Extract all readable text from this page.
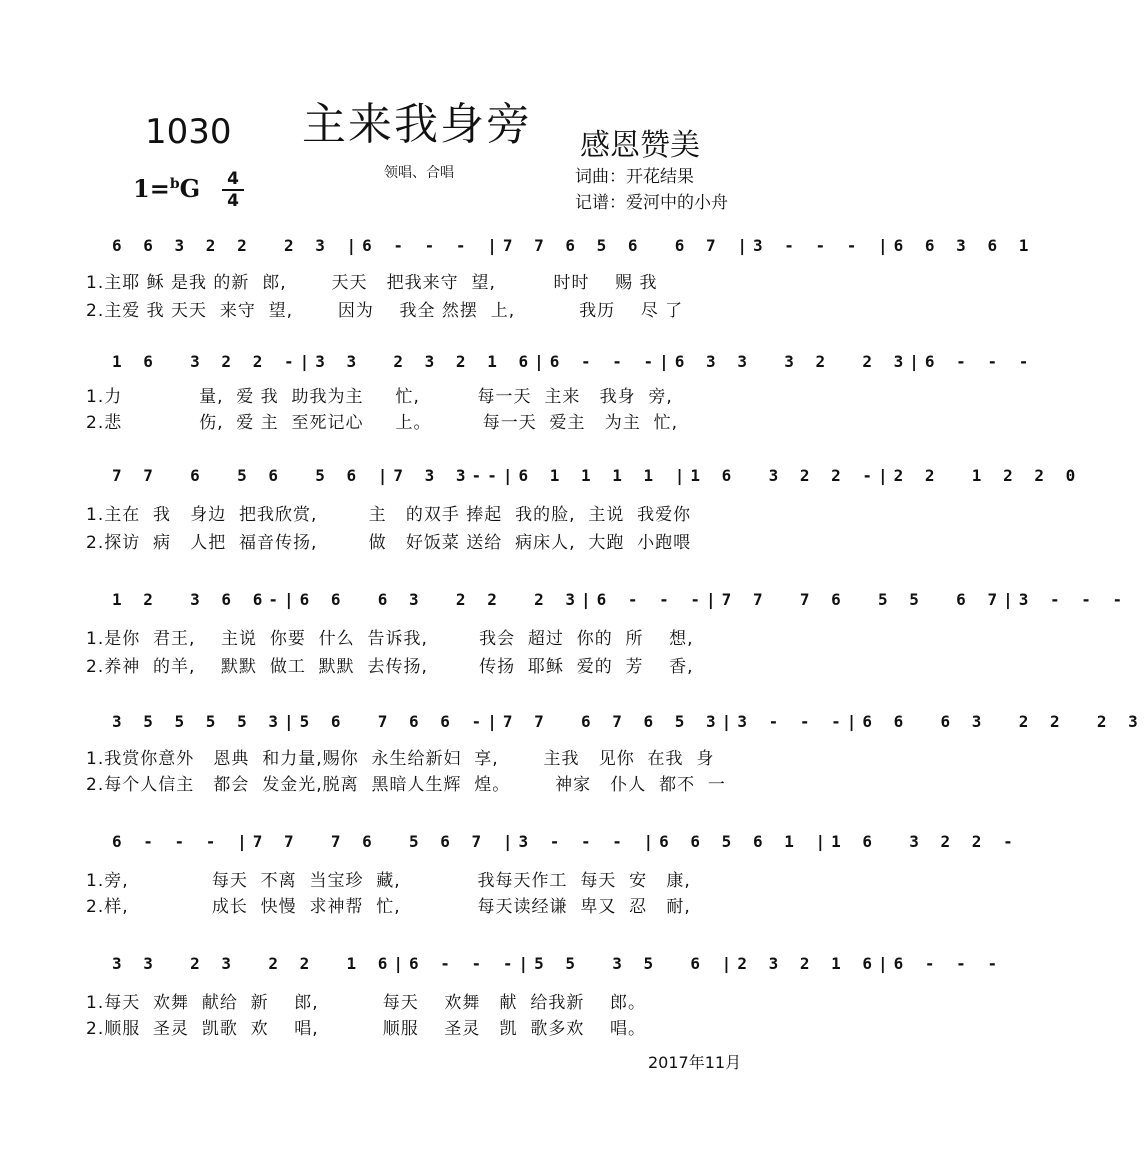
1030 主来我身旁 感恩赞美
1=$^b$G 4
4
领唱、合唱	词曲：开花结果
记谱：爱河中的小舟
6 6 3 2 2  2 3 |6 - - - |7 7 6 5 6  6 7 |3 - - - |6 6 3 6 1
1.主耶 稣 是我 的新  郎,       天天   把我来守  望,         时时    赐 我
2.主爱 我 天天  来守  望,       因为    我全 然摆  上,          我历    尽 了
1 6  3 2 2 -|3 3  2 3 2 1 6|6 - - -|6 3 3  3 2  2 3|6 - - -
1.力            量,  爱 我  助我为主     忙,         每一天  主来   我身  旁,
2.悲            伤,  爱 主  至死记心     上。        每一天  爱主   为主  忙,
7 7  6  5 6  5 6 |7 3 3--|6 1 1 1 1 |1 6  3 2 2 -|2 2  1 2 2 0
1.主在  我   身边  把我欣赏,        主   的双手 捧起  我的脸,  主说  我爱你
2.探访  病   人把  福音传扬,        做   好饭菜 送给  病床人,  大跑  小跑喂
1 2  3 6 6-|6 6  6 3  2 2  2 3|6 - - -|7 7  7 6  5 5  6 7|3 - - -
1.是你  君王,    主说  你要  什么  告诉我,        我会  超过  你的  所    想,
2.养神  的羊,    默默  做工  默默  去传扬,        传扬  耶稣  爱的  芳    香,
3 5 5 5 5 3|5 6  7 6 6 -|7 7  6 7 6 5 3|3 - - -|6 6  6 3  2 2  2 3
1.我赏你意外   恩典  和力量,赐你  永生给新妇  享,       主我   见你  在我  身
2.每个人信主   都会  发金光,脱离  黑暗人生辉  煌。       神家   仆人  都不  一
6 - - - |7 7  7 6  5 6 7 |3 - - - |6 6 5 6 1 |1 6  3 2 2 -
1.旁,             每天  不离  当宝珍  藏,            我每天作工  每天  安   康,
2.样,             成长  快慢  求神帮  忙,            每天读经谦  卑又  忍   耐,
3 3  2 3  2 2  1 6|6 - - -|5 5  3 5  6 |2 3 2 1 6|6 - - -
1.每天  欢舞  献给  新    郎,          每天    欢舞   献  给我新    郎。
2.顺服  圣灵  凯歌  欢    唱,          顺服    圣灵   凯  歌多欢    唱。
2017年11月
